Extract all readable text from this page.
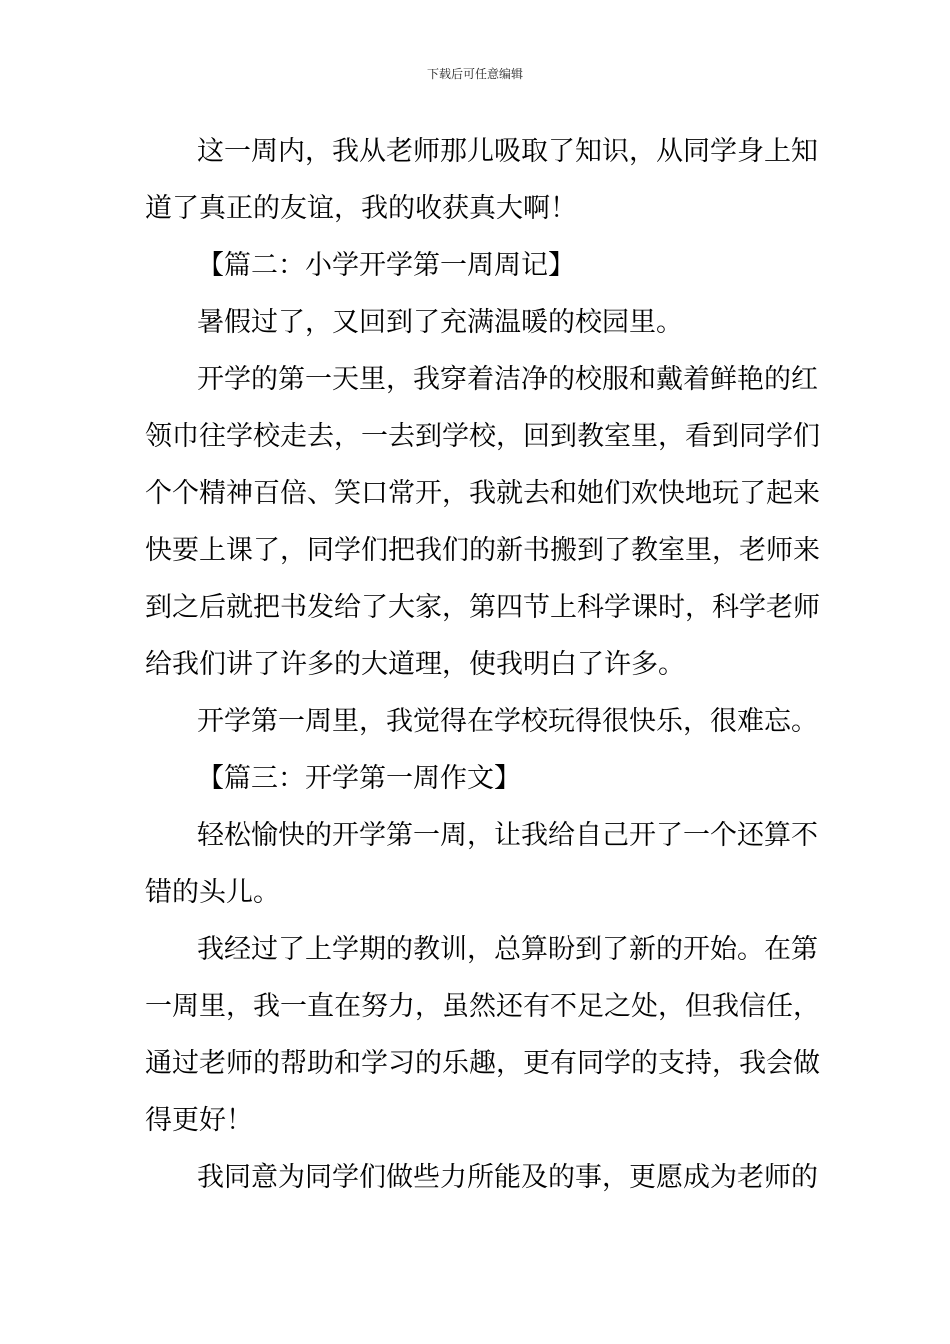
下载后可任意编辑
这一周内，我从老师那儿吸取了知识，从同学身上知
道了真正的友谊，我的收获真大啊！
【篇二：小学开学第一周周记】
暑假过了，又回到了充满温暖的校园里。
开学的第一天里，我穿着洁净的校服和戴着鲜艳的红
领巾往学校走去，一去到学校，回到教室里，看到同学们
个个精神百倍、笑口常开，我就去和她们欢快地玩了起来
快要上课了，同学们把我们的新书搬到了教室里，老师来
到之后就把书发给了大家，第四节上科学课时，科学老师
给我们讲了许多的大道理，使我明白了许多。
开学第一周里，我觉得在学校玩得很快乐，很难忘。
【篇三：开学第一周作文】
轻松愉快的开学第一周，让我给自己开了一个还算不
错的头儿。
我经过了上学期的教训，总算盼到了新的开始。在第
一周里，我一直在努力，虽然还有不足之处，但我信任，
通过老师的帮助和学习的乐趣，更有同学的支持，我会做
得更好！
我同意为同学们做些力所能及的事，更愿成为老师的
